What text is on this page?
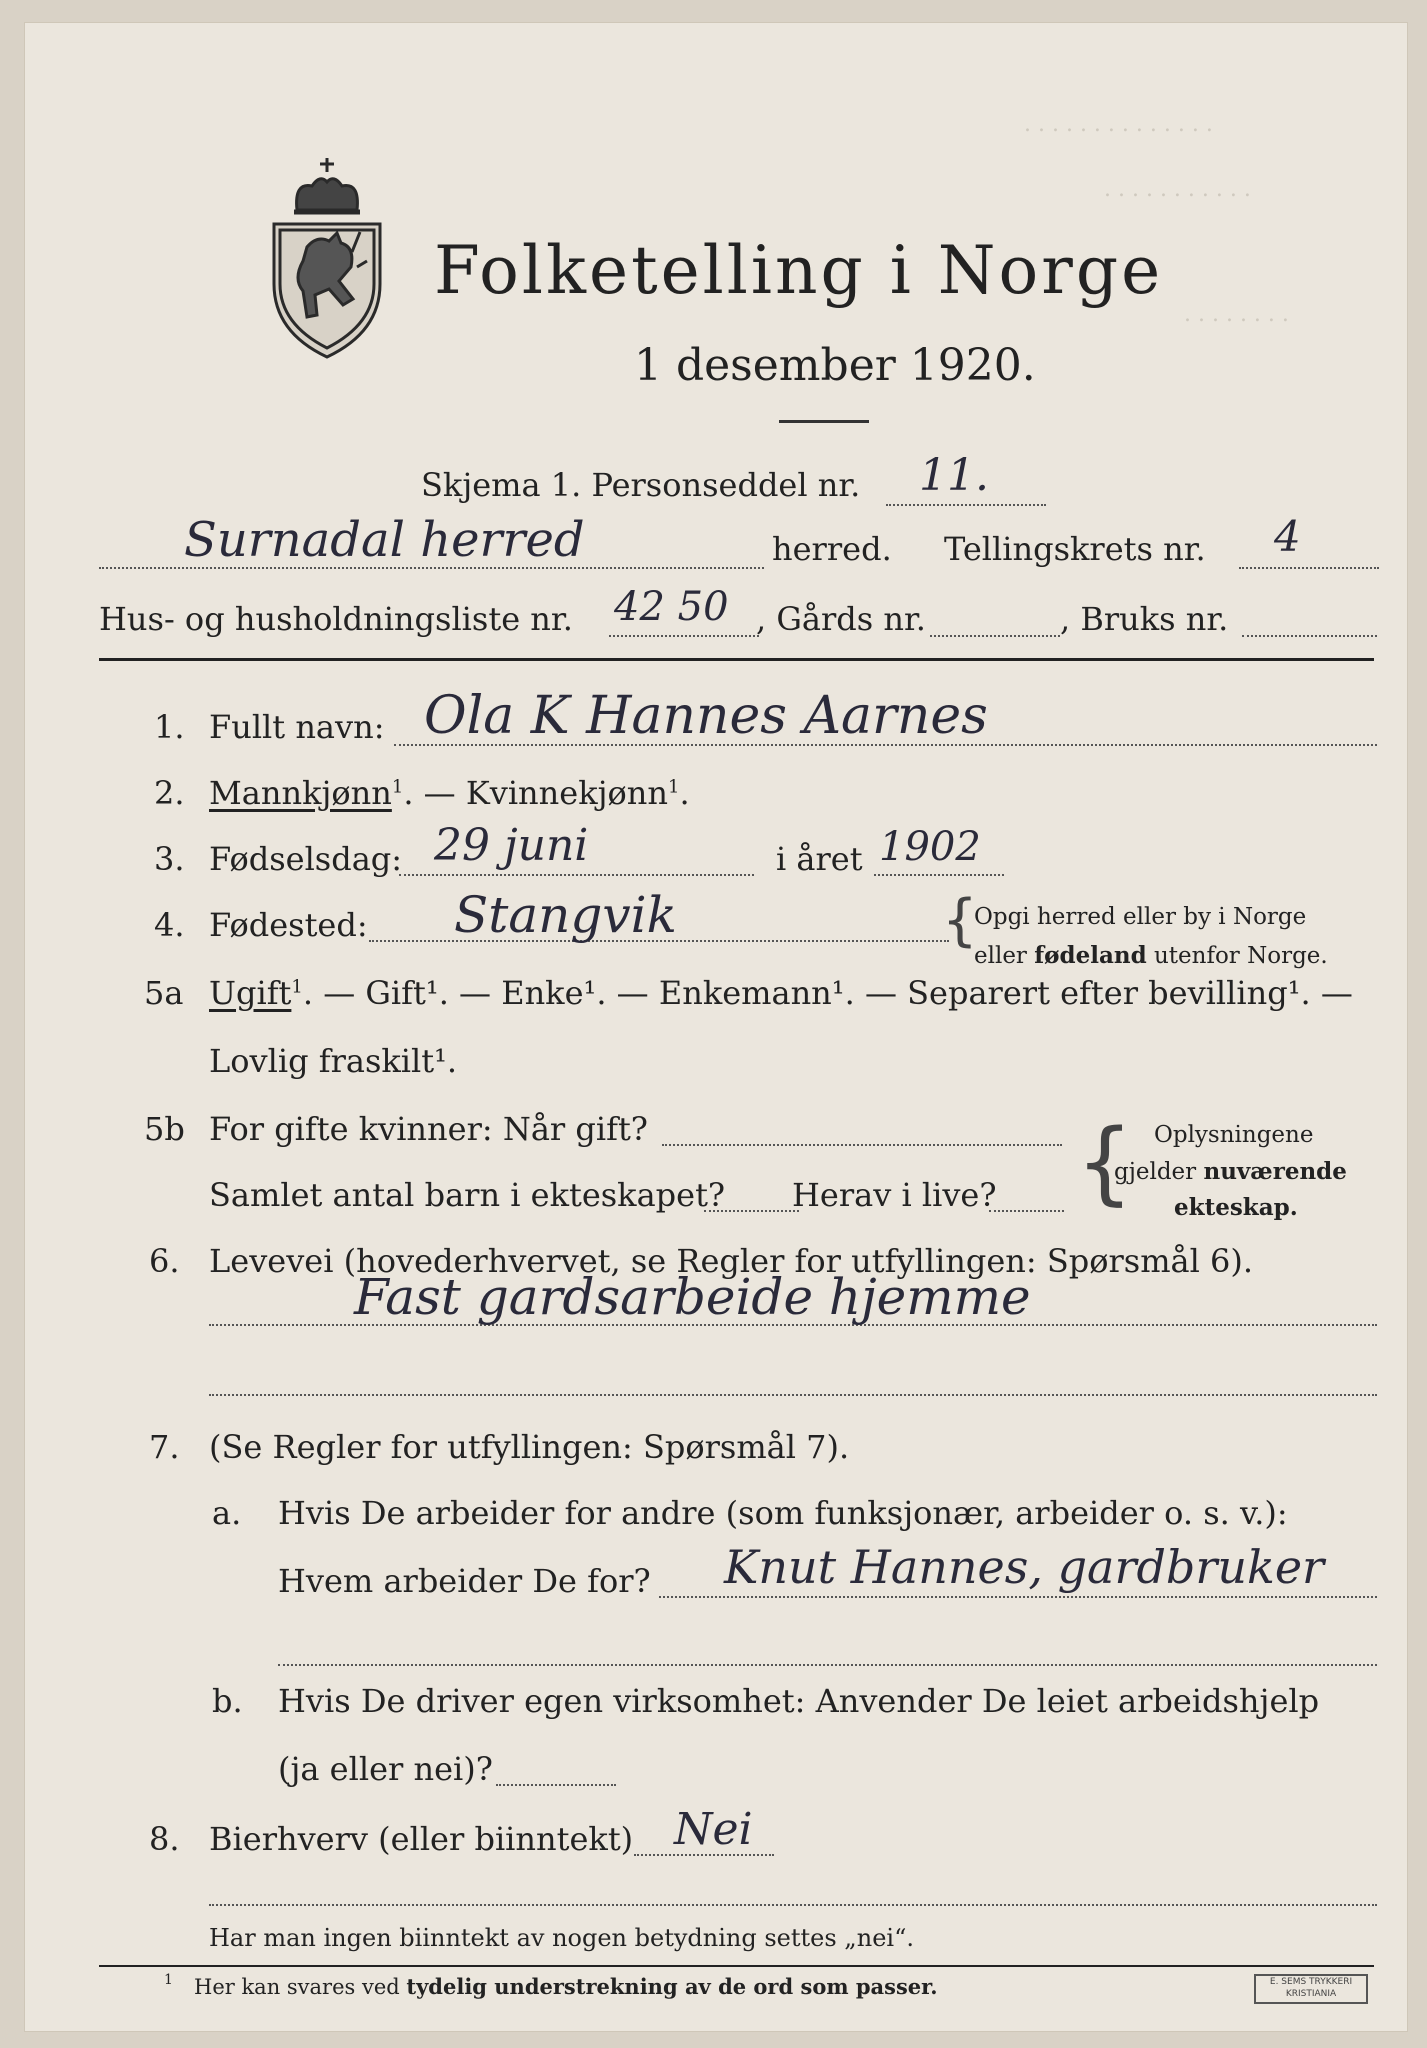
. . . . . . . . . . . . . .
. . . . . . . . . . .
. . . . . . . .
Folketelling i Norge
1 desember 1920.
Skjema 1. Personseddel nr. 11.
Surnadal herred	herred. Tellingskrets nr. 4
Hus- og husholdningsliste nr. 42 50 , Gårds nr.	, Bruks nr.
1. Fullt navn: Ola K Hannes Aarnes
2. Mannkjønn$^1$. — Kvinnekjønn$^1$.
3. Fødselsdag: 29 juni	i året 1902
4. Fødested: Stangvik	{
Opgi herred eller by i Norge
eller fødeland utenfor Norge.
5a Ugift$^1$. — Gift¹. — Enke¹. — Enkemann¹. — Separert efter bevilling¹. —
Lovlig fraskilt¹.
5b For gifte kvinner: Når gift?
Samlet antal barn i ekteskapet? Herav i live? { Oplysningene
gjelder nuværende
ekteskap.
6. Levevei (hovederhvervet, se Regler for utfyllingen: Spørsmål 6).
Fast gardsarbeide hjemme
7. (Se Regler for utfyllingen: Spørsmål 7).
a. Hvis De arbeider for andre (som funksjonær, arbeider o. s. v.):
Hvem arbeider De for? Knut Hannes, gardbruker
b. Hvis De driver egen virksomhet: Anvender De leiet arbeidshjelp
(ja eller nei)?
8. Bierhverv (eller biinntekt) Nei
Har man ingen biinntekt av nogen betydning settes „nei“.
1 Her kan svares ved tydelig understrekning av de ord som passer.	E. SEMS TRYKKERI
KRISTIANIA
